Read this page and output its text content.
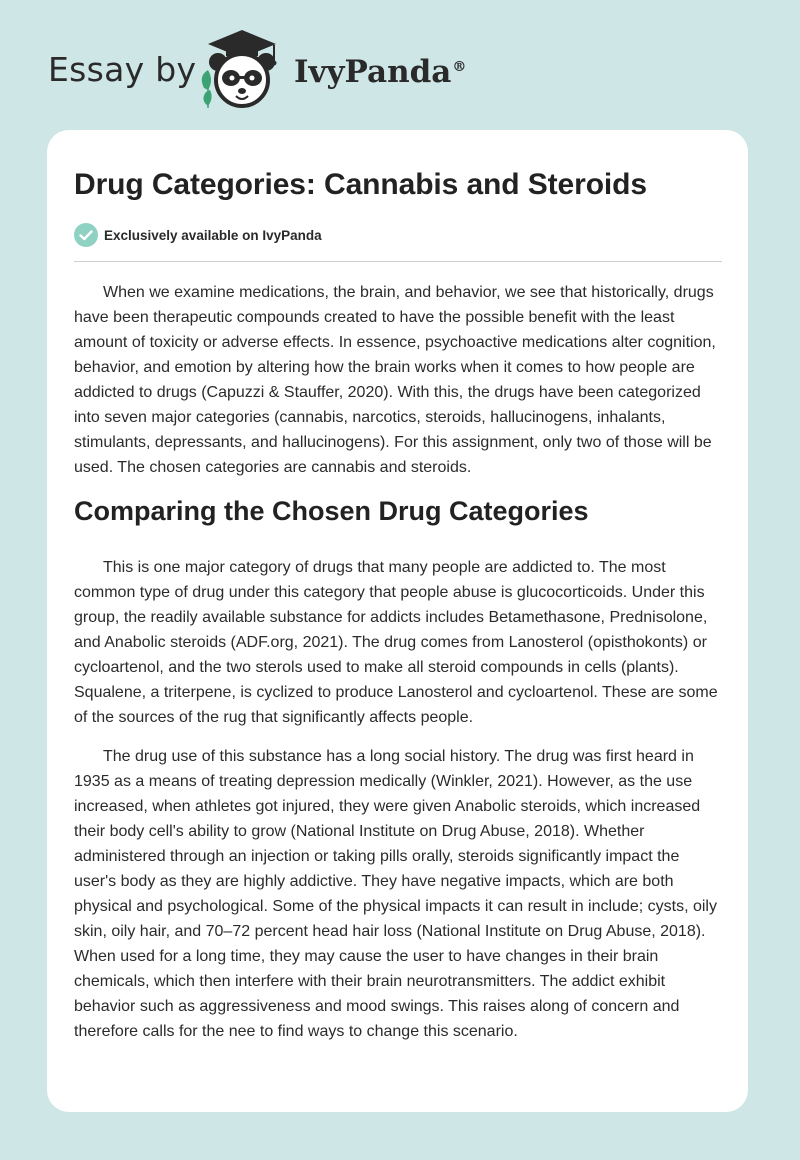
Essay by	IvyPanda®
Drug Categories: Cannabis and Steroids
Exclusively available on IvyPanda

When we examine medications, the brain, and behavior, we see that historically, drugs have been therapeutic compounds created to have the possible benefit with the least amount of toxicity or adverse effects. In essence, psychoactive medications alter cognition, behavior, and emotion by altering how the brain works when it comes to how people are addicted to drugs (Capuzzi & Stauffer, 2020). With this, the drugs have been categorized into seven major categories (cannabis, narcotics, steroids, hallucinogens, inhalants, stimulants, depressants, and hallucinogens). For this assignment, only two of those will be used. The chosen categories are cannabis and steroids.

Comparing the Chosen Drug Categories

This is one major category of drugs that many people are addicted to. The most common type of drug under this category that people abuse is glucocorticoids. Under this group, the readily available substance for addicts includes Betamethasone, Prednisolone, and Anabolic steroids (ADF.org, 2021). The drug comes from Lanosterol (opisthokonts) or cycloartenol, and the two sterols used to make all steroid compounds in cells (plants). Squalene, a triterpene, is cyclized to produce Lanosterol and cycloartenol. These are some of the sources of the rug that significantly affects people.

The drug use of this substance has a long social history. The drug was first heard in 1935 as a means of treating depression medically (Winkler, 2021). However, as the use increased, when athletes got injured, they were given Anabolic steroids, which increased their body cell's ability to grow (National Institute on Drug Abuse, 2018). Whether administered through an injection or taking pills orally, steroids significantly impact the user's body as they are highly addictive. They have negative impacts, which are both physical and psychological. Some of the physical impacts it can result in include; cysts, oily skin, oily hair, and 70–72 percent head hair loss (National Institute on Drug Abuse, 2018). When used for a long time, they may cause the user to have changes in their brain chemicals, which then interfere with their brain neurotransmitters. The addict exhibit behavior such as aggressiveness and mood swings. This raises along of concern and therefore calls for the nee to find ways to change this scenario.
